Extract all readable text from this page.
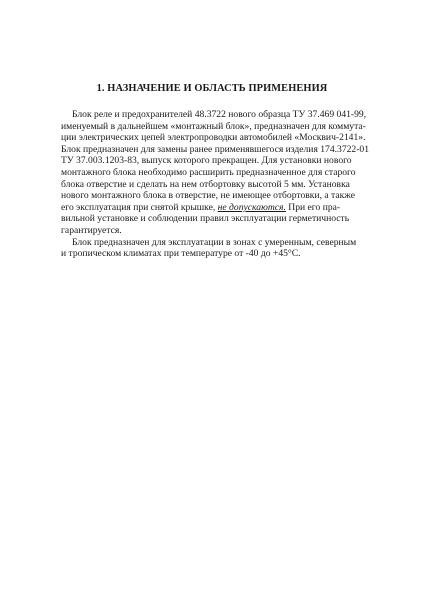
1. НАЗНАЧЕНИЕ И ОБЛАСТЬ ПРИМЕНЕНИЯ
Блок реле и предохранителей 48.3722 нового образца ТУ 37.469 041-99,
именуемый в дальнейшем «монтажный блок», предназначен для коммута-
ции электрических цепей электропроводки автомобилей «Москвич-2141».
Блок предназначен для замены ранее применявшегося изделия 174.3722-01
ТУ 37.003.1203-83, выпуск которого прекращен. Для установки нового
монтажного блока необходимо расширить предназначенное для старого
блока отверстие и сделать на нем отбортовку высотой 5 мм. Установка
нового монтажного блока в отверстие, не имеющее отбортовки, а также
его эксплуатация при снятой крышке, не допускаются. При его пра-
вильной установке и соблюдении правил эксплуатации герметичность
гарантируется.
Блок предназначен для эксплуатации в зонах с умеренным, северным
и тропическом климатах при температуре от -40 до +45°С.
